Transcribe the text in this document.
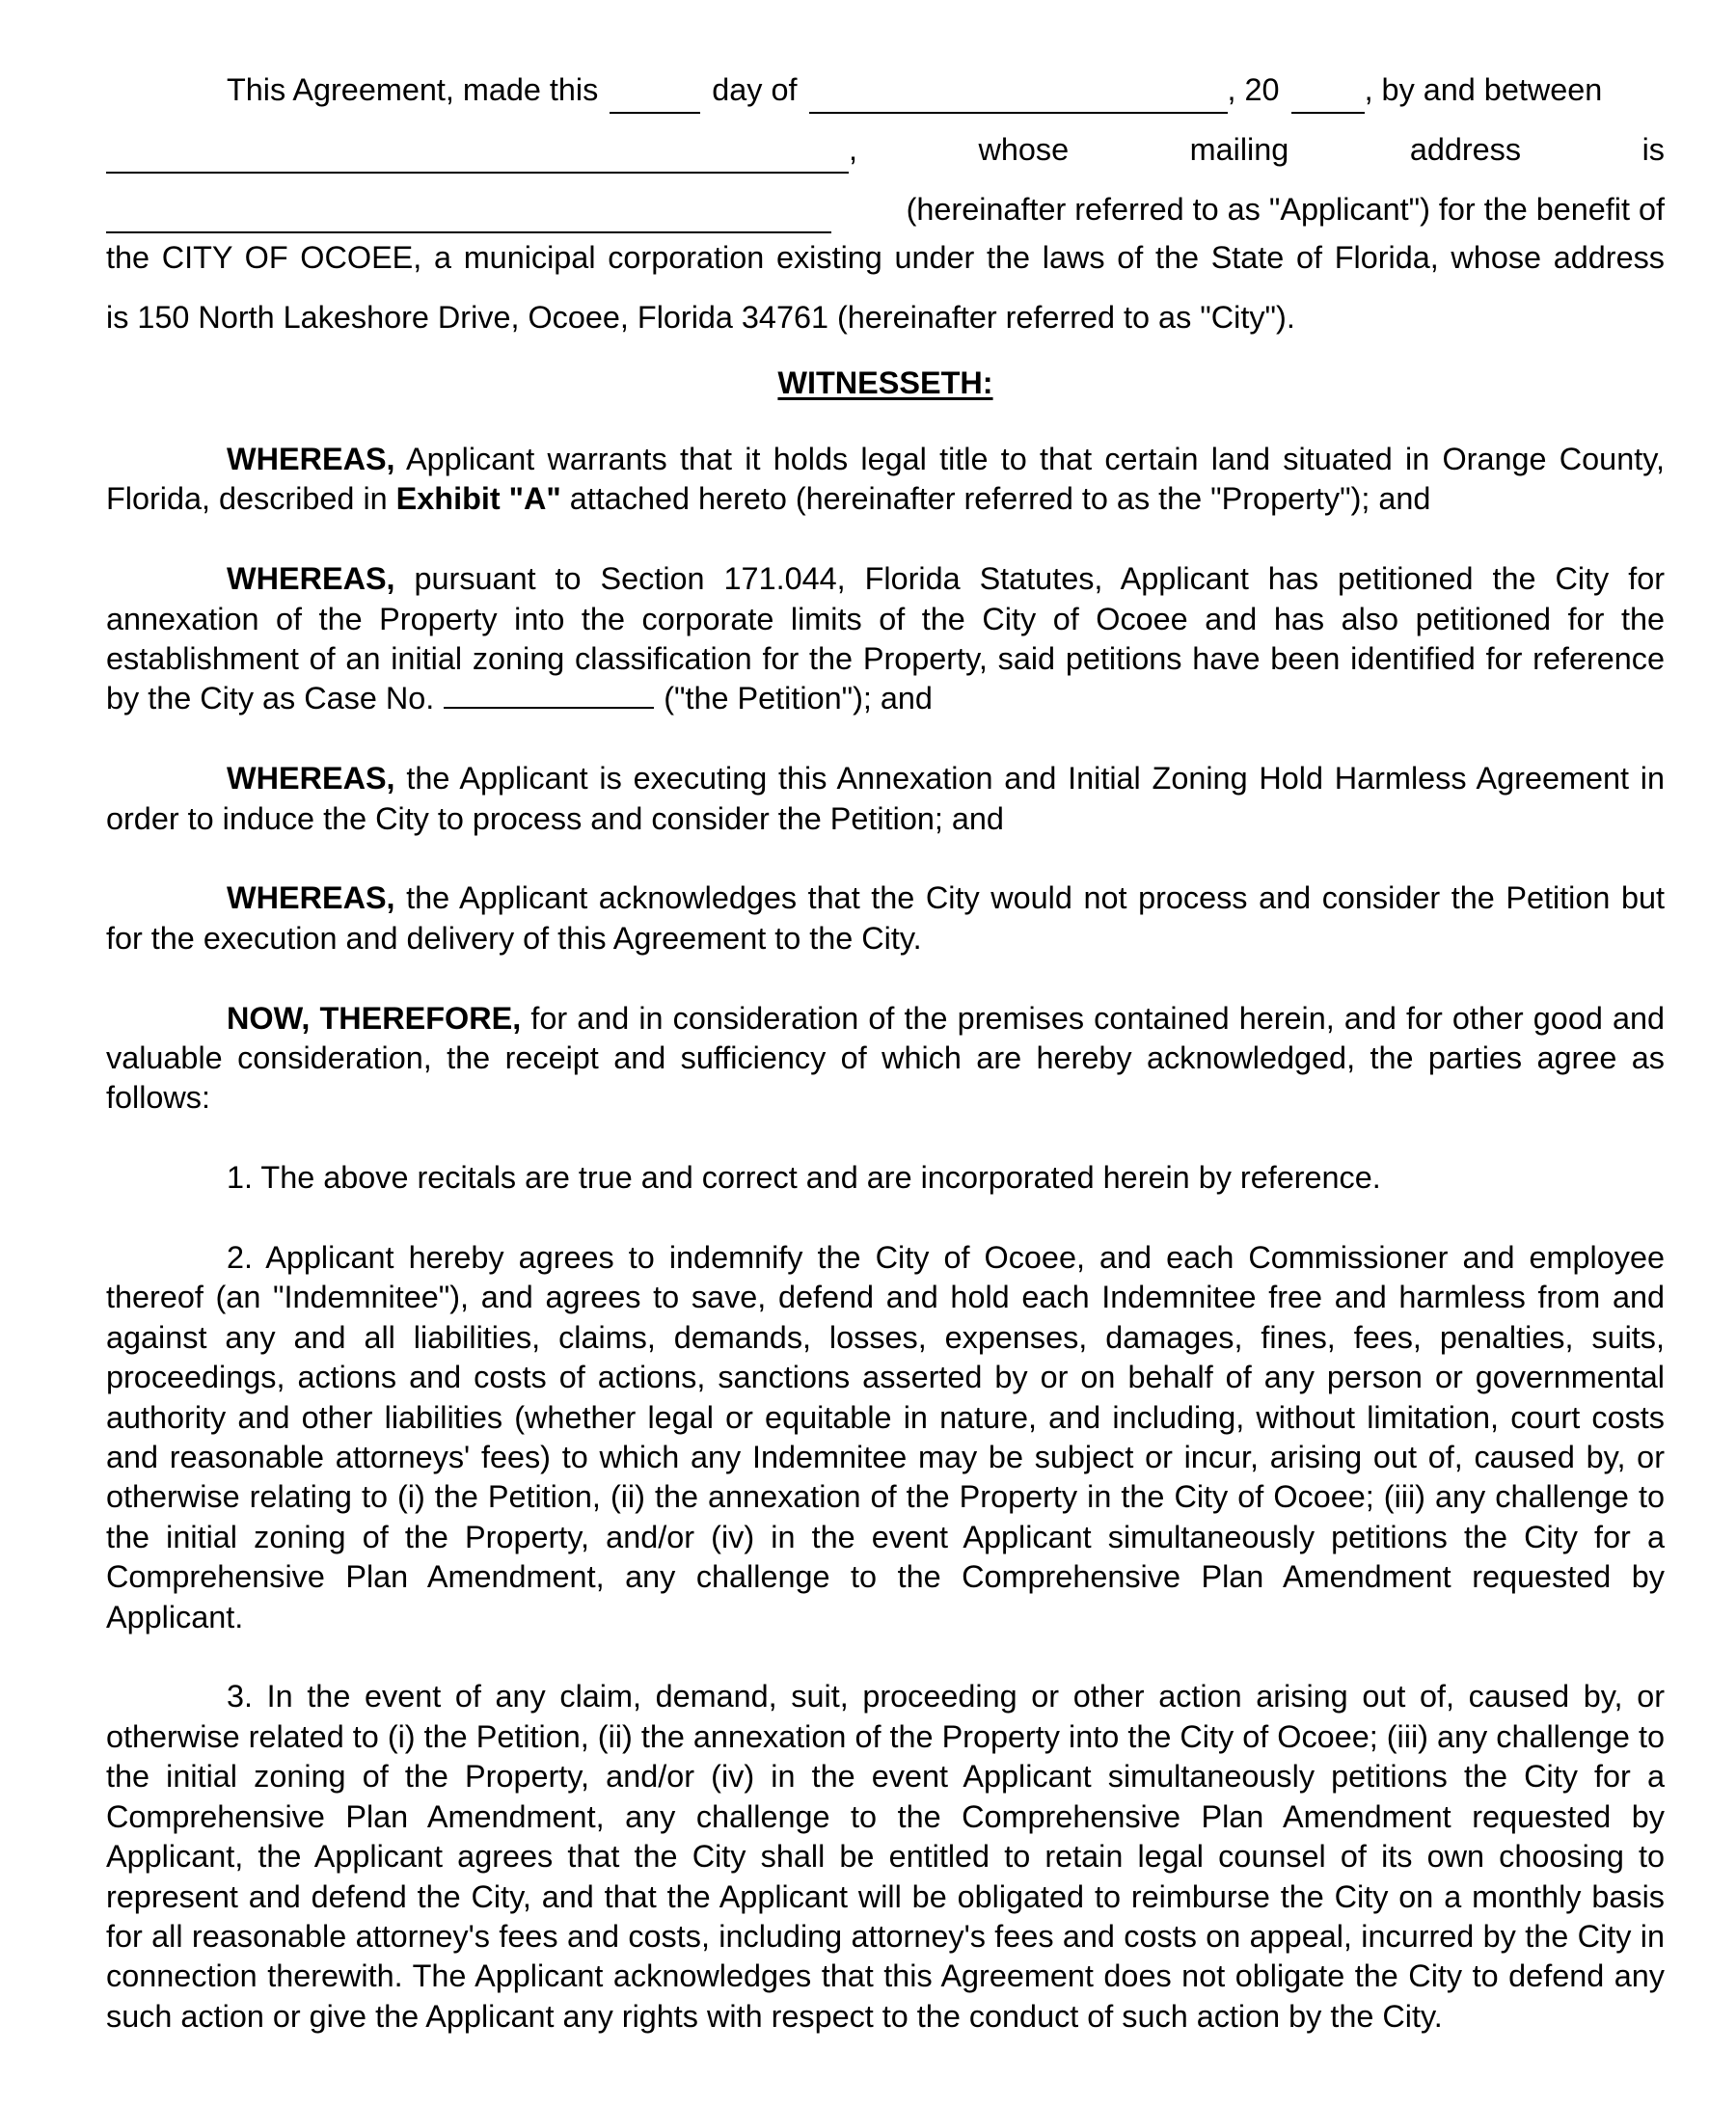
This Agreement, made this	day of	, 20	, by and between
,	whose	mailing	address	is
(hereinafter referred to as "Applicant") for the benefit of
the CITY OF OCOEE, a municipal corporation existing under the laws of the State of Florida, whose address
is 150 North Lakeshore Drive, Ocoee, Florida 34761 (hereinafter referred to as "City").
WITNESSETH:

WHEREAS, Applicant warrants that it holds legal title to that certain land situated in Orange County, Florida, described in Exhibit "A" attached hereto (hereinafter referred to as the "Property"); and

WHEREAS, pursuant to Section 171.044, Florida Statutes, Applicant has petitioned the City for annexation of the Property into the corporate limits of the City of Ocoee and has also petitioned for the establishment of an initial zoning classification for the Property, said petitions have been identified for reference by the City as Case No.	("the Petition"); and

WHEREAS, the Applicant is executing this Annexation and Initial Zoning Hold Harmless Agreement in order to induce the City to process and consider the Petition; and

WHEREAS, the Applicant acknowledges that the City would not process and consider the Petition but for the execution and delivery of this Agreement to the City.

NOW, THEREFORE, for and in consideration of the premises contained herein, and for other good and valuable consideration, the receipt and sufficiency of which are hereby acknowledged, the parties agree as follows:

1. The above recitals are true and correct and are incorporated herein by reference.

2. Applicant hereby agrees to indemnify the City of Ocoee, and each Commissioner and employee thereof (an "Indemnitee"), and agrees to save, defend and hold each Indemnitee free and harmless from and against any and all liabilities, claims, demands, losses, expenses, damages, fines, fees, penalties, suits, proceedings, actions and costs of actions, sanctions asserted by or on behalf of any person or governmental authority and other liabilities (whether legal or equitable in nature, and including, without limitation, court costs and reasonable attorneys' fees) to which any Indemnitee may be subject or incur, arising out of, caused by, or otherwise relating to (i) the Petition, (ii) the annexation of the Property in the City of Ocoee; (iii) any challenge to the initial zoning of the Property, and/or (iv) in the event Applicant simultaneously petitions the City for a Comprehensive Plan Amendment, any challenge to the Comprehensive Plan Amendment requested by Applicant.

3. In the event of any claim, demand, suit, proceeding or other action arising out of, caused by, or otherwise related to (i) the Petition, (ii) the annexation of the Property into the City of Ocoee; (iii) any challenge to the initial zoning of the Property, and/or (iv) in the event Applicant simultaneously petitions the City for a Comprehensive Plan Amendment, any challenge to the Comprehensive Plan Amendment requested by Applicant, the Applicant agrees that the City shall be entitled to retain legal counsel of its own choosing to represent and defend the City, and that the Applicant will be obligated to reimburse the City on a monthly basis for all reasonable attorney's fees and costs, including attorney's fees and costs on appeal, incurred by the City in connection therewith. The Applicant acknowledges that this Agreement does not obligate the City to defend any such action or give the Applicant any rights with respect to the conduct of such action by the City.
